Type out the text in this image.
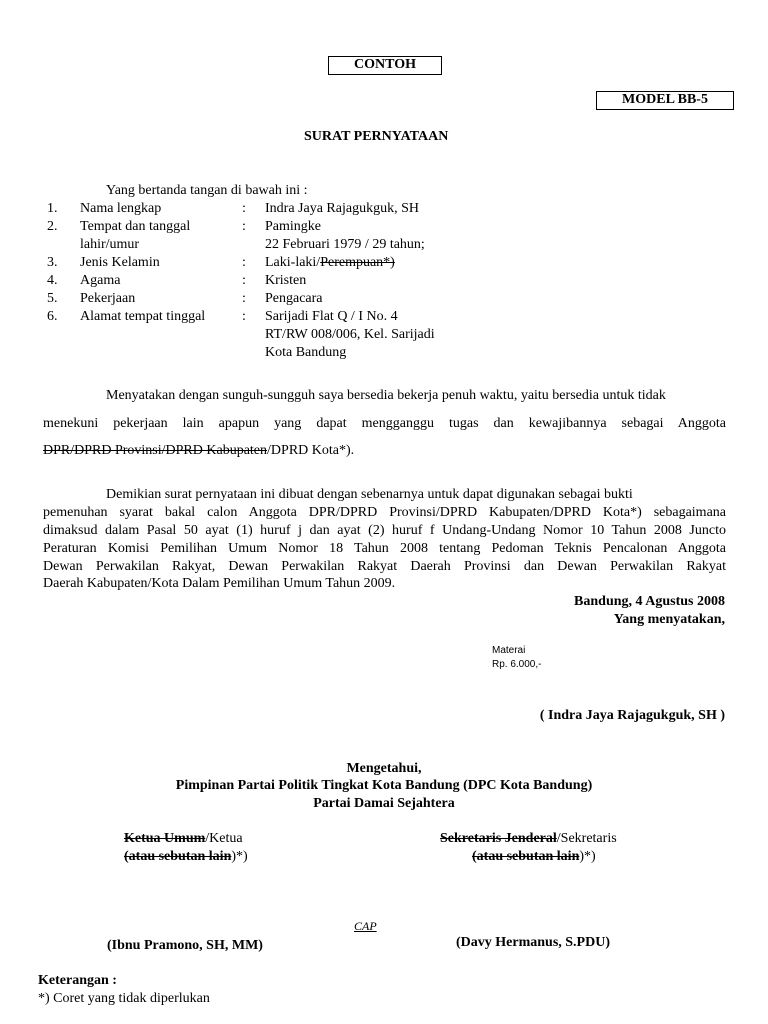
CONTOH
MODEL BB-5
SURAT PERNYATAAN
Yang bertanda tangan di bawah ini :
1. Nama lengkap	: Indra Jaya Rajagukguk, SH
2. Tempat dan tanggal
lahir/umur
: Pamingke
22 Februari 1979 / 29 tahun;
3. Jenis Kelamin	: Laki-laki/Perempuan*)
4. Agama	: Kristen
5. Pekerjaan	: Pengacara
6. Alamat tempat tinggal	: Sarijadi Flat Q / I No. 4
RT/RW 008/006, Kel. Sarijadi
Kota Bandung
Menyatakan dengan sunguh-sungguh saya bersedia bekerja penuh waktu, yaitu bersedia untuk tidak
menekuni pekerjaan lain apapun yang dapat mengganggu tugas dan kewajibannya sebagai Anggota
DPR/DPRD Provinsi/DPRD Kabupaten/DPRD Kota*).
Demikian surat pernyataan ini dibuat dengan sebenarnya untuk dapat digunakan sebagai bukti
pemenuhan syarat bakal calon Anggota DPR/DPRD Provinsi/DPRD Kabupaten/DPRD Kota*) sebagaimana
dimaksud dalam Pasal 50 ayat (1) huruf j dan ayat (2) huruf f Undang-Undang Nomor 10 Tahun 2008 Juncto
Peraturan Komisi Pemilihan Umum Nomor 18 Tahun 2008 tentang Pedoman Teknis Pencalonan Anggota
Dewan Perwakilan Rakyat, Dewan Perwakilan Rakyat Daerah Provinsi dan Dewan Perwakilan Rakyat
Daerah Kabupaten/Kota Dalam Pemilihan Umum Tahun 2009.
Bandung, 4 Agustus 2008
Yang menyatakan,
Materai
Rp. 6.000,-
( Indra Jaya Rajagukguk, SH )
Mengetahui,
Pimpinan Partai Politik Tingkat Kota Bandung (DPC Kota Bandung)
Partai Damai Sejahtera
Ketua Umum/Ketua
(atau sebutan lain)*)
Sekretaris Jenderal/Sekretaris
(atau sebutan lain)*)
CAP
(Ibnu Pramono, SH, MM)	(Davy Hermanus, S.PDU)
Keterangan :
*) Coret yang tidak diperlukan
